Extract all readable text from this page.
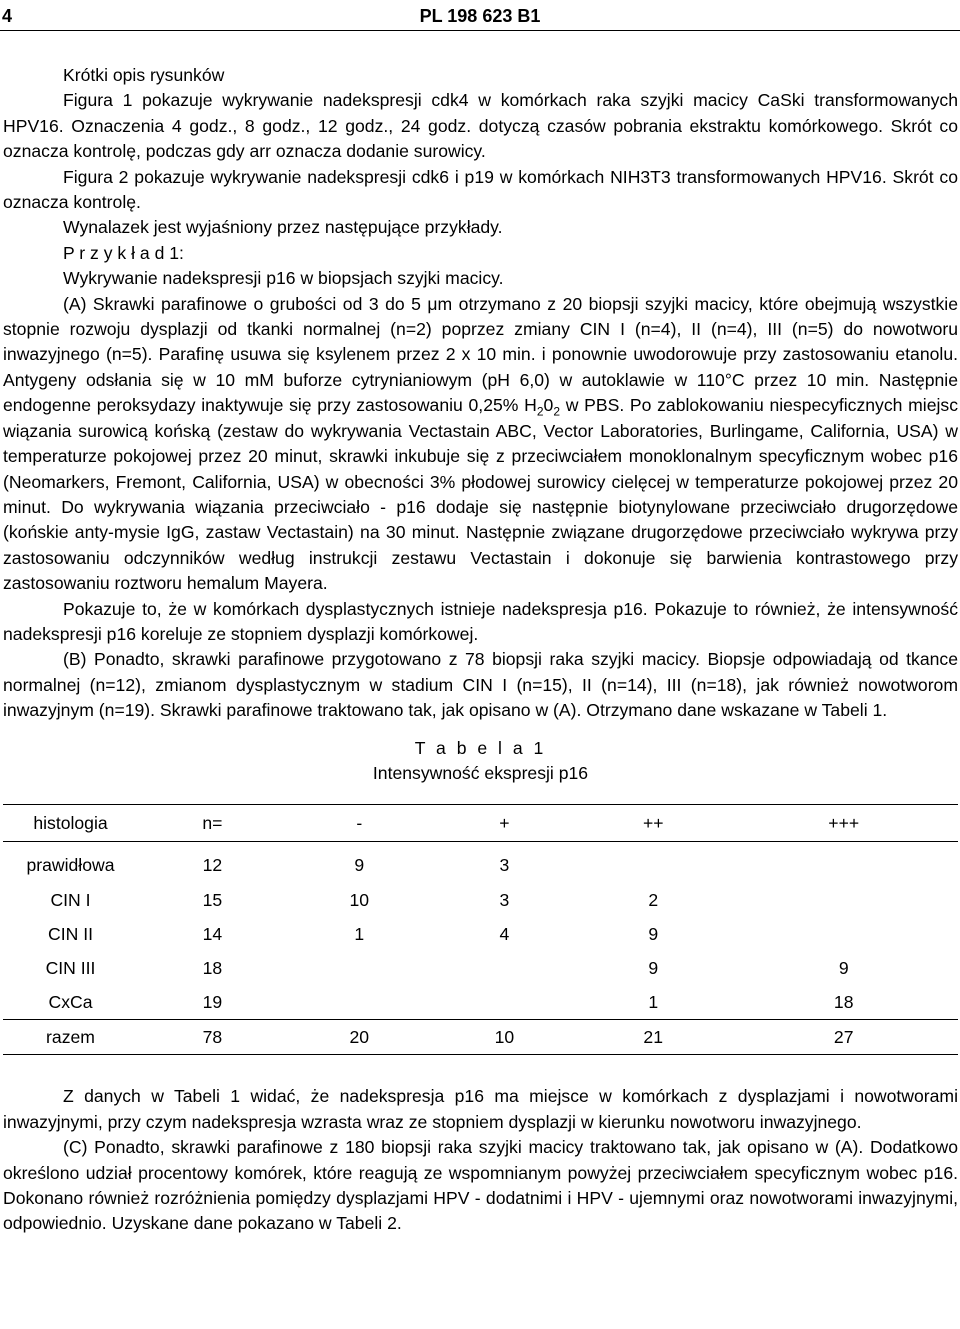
4	PL 198 623 B1

Krótki opis rysunków

Figura 1 pokazuje wykrywanie nadekspresji cdk4 w komórkach raka szyjki macicy CaSki transformowanych HPV16. Oznaczenia 4 godz., 8 godz., 12 godz., 24 godz. dotyczą czasów pobrania ekstraktu komórkowego. Skrót co oznacza kontrolę, podczas gdy arr oznacza dodanie surowicy.

Figura 2 pokazuje wykrywanie nadekspresji cdk6 i p19 w komórkach NIH3T3 transformowanych HPV16. Skrót co oznacza kontrolę.

Wynalazek jest wyjaśniony przez następujące przykłady.

P r z y k ł a d 1:

Wykrywanie nadekspresji p16 w biopsjach szyjki macicy.

(A) Skrawki parafinowe o grubości od 3 do 5 μm otrzymano z 20 biopsji szyjki macicy, które obejmują wszystkie stopnie rozwoju dysplazji od tkanki normalnej (n=2) poprzez zmiany CIN I (n=4), II (n=4), III (n=5) do nowotworu inwazyjnego (n=5). Parafinę usuwa się ksylenem przez 2 x 10 min. i ponownie uwodorowuje przy zastosowaniu etanolu. Antygeny odsłania się w 10 mM buforze cytrynianiowym (pH 6,0) w autoklawie w 110°C przez 10 min. Następnie endogenne peroksydazy inaktywuje się przy zastosowaniu 0,25% $H_20_2$ w PBS. Po zablokowaniu niespecyficznych miejsc wiązania surowicą końską (zestaw do wykrywania Vectastain ABC, Vector Laboratories, Burlingame, California, USA) w temperaturze pokojowej przez 20 minut, skrawki inkubuje się z przeciwciałem monoklonalnym specyficznym wobec p16 (Neomarkers, Fremont, California, USA) w obecności 3% płodowej surowicy cielęcej w temperaturze pokojowej przez 20 minut. Do wykrywania wiązania przeciwciało - p16 dodaje się następnie biotynylowane przeciwciało drugorzędowe (końskie anty-mysie IgG, zastaw Vectastain) na 30 minut. Następnie związane drugorzędowe przeciwciało wykrywa przy zastosowaniu odczynników według instrukcji zestawu Vectastain i dokonuje się barwienia kontrastowego przy zastosowaniu roztworu hemalum Mayera.

Pokazuje to, że w komórkach dysplastycznych istnieje nadekspresja p16. Pokazuje to również, że intensywność nadekspresji p16 koreluje ze stopniem dysplazji komórkowej.

(B) Ponadto, skrawki parafinowe przygotowano z 78 biopsji raka szyjki macicy. Biopsje odpowiadają od tkance normalnej (n=12), zmianom dysplastycznym w stadium CIN I (n=15), II (n=14), III (n=18), jak również nowotworom inwazyjnym (n=19). Skrawki parafinowe traktowano tak, jak opisano w (A). Otrzymano dane wskazane w Tabeli 1.

T a b e l a 1

Intensywność ekspresji p16

histologia	n=	-	+	++	+++
prawidłowa	12	9	3		
CIN I	15	10	3	2	
CIN II	14	1	4	9	
CIN III	18			9	9
CxCa	19			1	18
razem	78	20	10	21	27

Z danych w Tabeli 1 widać, że nadekspresja p16 ma miejsce w komórkach z dysplazjami i nowotworami inwazyjnymi, przy czym nadekspresja wzrasta wraz ze stopniem dysplazji w kierunku nowotworu inwazyjnego.

(C) Ponadto, skrawki parafinowe z 180 biopsji raka szyjki macicy traktowano tak, jak opisano w (A). Dodatkowo określono udział procentowy komórek, które reagują ze wspomnianym powyżej przeciwciałem specyficznym wobec p16. Dokonano również rozróżnienia pomiędzy dysplazjami HPV - dodatnimi i HPV - ujemnymi oraz nowotworami inwazyjnymi, odpowiednio. Uzyskane dane pokazano w Tabeli 2.
